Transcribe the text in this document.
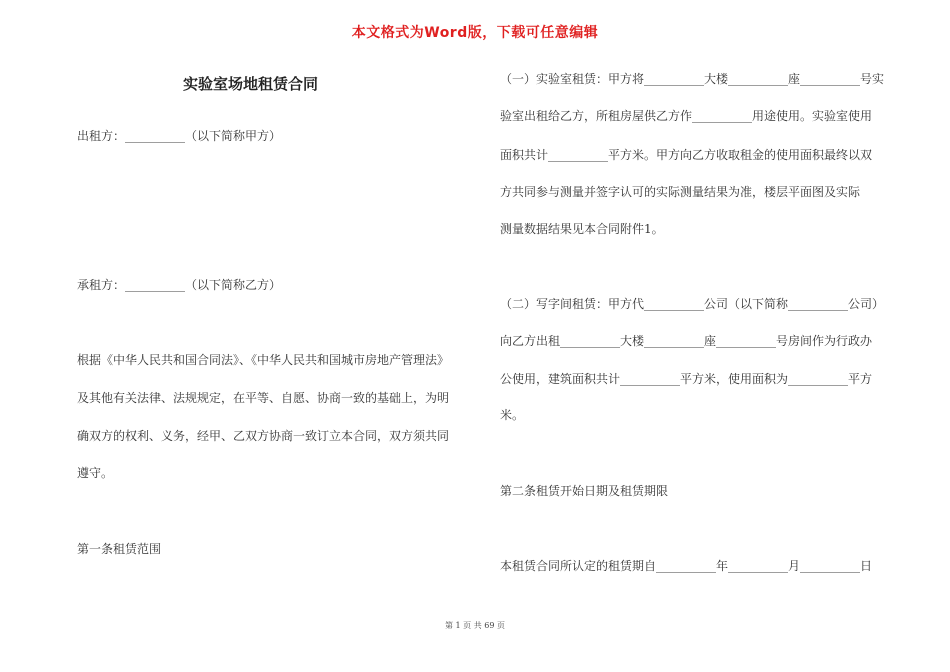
本文格式为Word版，下载可任意编辑
实验室场地租赁合同
出租方：__________（以下简称甲方）
承租方：__________（以下简称乙方）
根据《中华人民共和国合同法》、《中华人民共和国城市房地产管理法》
及其他有关法律、法规规定，在平等、自愿、协商一致的基础上，为明
确双方的权利、义务，经甲、乙双方协商一致订立本合同，双方须共同
遵守。
第一条租赁范围
（一）实验室租赁：甲方将__________大楼__________座__________号实
验室出租给乙方，所租房屋供乙方作__________用途使用。实验室使用
面积共计__________平方米。甲方向乙方收取租金的使用面积最终以双
方共同参与测量并签字认可的实际测量结果为准，楼层平面图及实际
测量数据结果见本合同附件1。
（二）写字间租赁：甲方代__________公司（以下简称__________公司）
向乙方出租__________大楼__________座__________号房间作为行政办
公使用，建筑面积共计__________平方米，使用面积为__________平方
米。
第二条租赁开始日期及租赁期限
本租赁合同所认定的租赁期自__________年__________月__________日
第 1 页 共 69 页
